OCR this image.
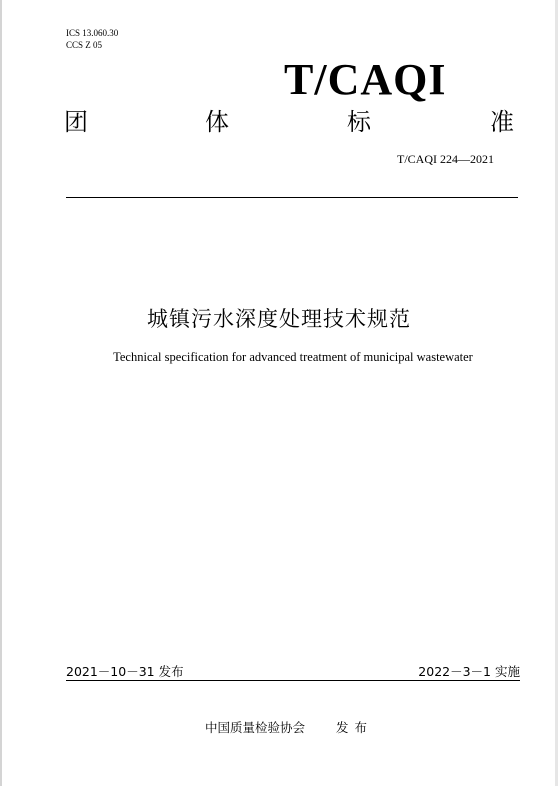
ICS 13.060.30
CCS Z 05
T/CAQI
团	体	标	准
T/CAQI 224—2021
城镇污水深度处理技术规范
Technical specification for advanced treatment of municipal wastewater
2021－10－31 发布	2022－3－1 实施
中国质量检验协会 发布
